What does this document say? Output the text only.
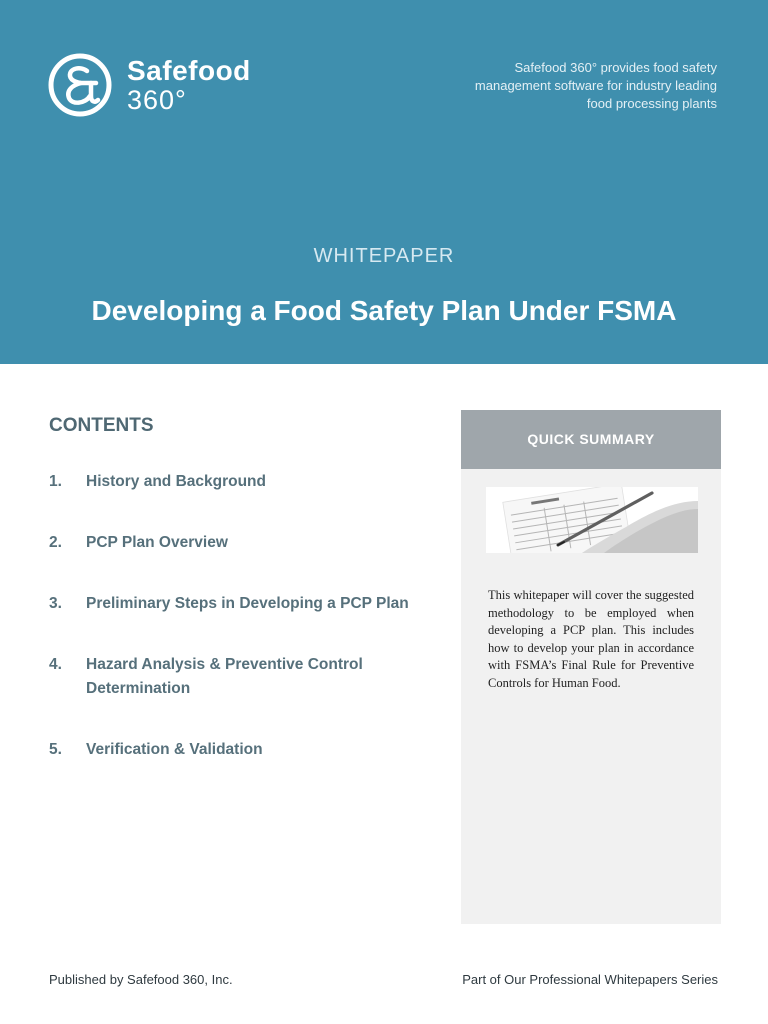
Safefood
360°
Safefood 360° provides food safety management software for industry leading food processing plants
WHITEPAPER
Developing a Food Safety Plan Under FSMA
CONTENTS
1.	History and Background
2.	PCP Plan Overview
3.	Preliminary Steps in Developing a PCP Plan
4.	Hazard Analysis & Preventive Control Determination
5.	Verification & Validation
QUICK SUMMARY
This whitepaper will cover the suggested methodology to be employed when developing a PCP plan. This includes how to develop your plan in accordance with FSMA’s Final Rule for Preventive Controls for Human Food.
Published by Safefood 360, Inc.	Part of Our Professional Whitepapers Series
